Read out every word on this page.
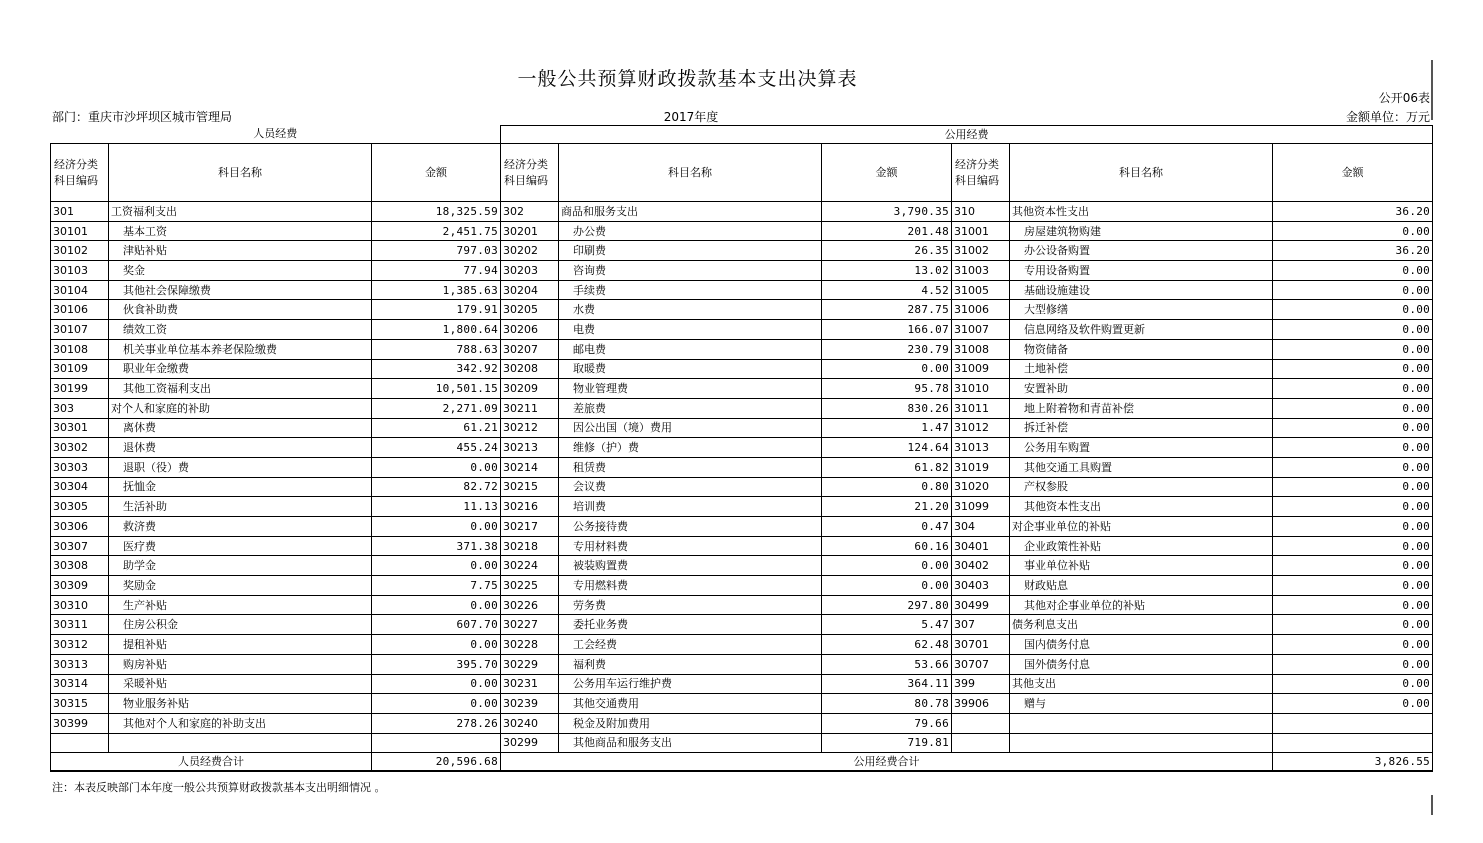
一般公共预算财政拨款基本支出决算表
公开06表
部门：重庆市沙坪坝区城市管理局	2017年度	金额单位：万元
人员经费			公用经费					
经济分类科目编码	科目名称	金额	经济分类科目编码	科目名称	金额	经济分类科目编码	科目名称	金额
301	工资福利支出	18,325.59	302	商品和服务支出	3,790.35	310	其他资本性支出	36.20
30101	基本工资	2,451.75	30201	办公费	201.48	31001	房屋建筑物购建	0.00
30102	津贴补贴	797.03	30202	印刷费	26.35	31002	办公设备购置	36.20
30103	奖金	77.94	30203	咨询费	13.02	31003	专用设备购置	0.00
30104	其他社会保障缴费	1,385.63	30204	手续费	4.52	31005	基础设施建设	0.00
30106	伙食补助费	179.91	30205	水费	287.75	31006	大型修缮	0.00
30107	绩效工资	1,800.64	30206	电费	166.07	31007	信息网络及软件购置更新	0.00
30108	机关事业单位基本养老保险缴费	788.63	30207	邮电费	230.79	31008	物资储备	0.00
30109	职业年金缴费	342.92	30208	取暖费	0.00	31009	土地补偿	0.00
30199	其他工资福利支出	10,501.15	30209	物业管理费	95.78	31010	安置补助	0.00
303	对个人和家庭的补助	2,271.09	30211	差旅费	830.26	31011	地上附着物和青苗补偿	0.00
30301	离休费	61.21	30212	因公出国（境）费用	1.47	31012	拆迁补偿	0.00
30302	退休费	455.24	30213	维修（护）费	124.64	31013	公务用车购置	0.00
30303	退职（役）费	0.00	30214	租赁费	61.82	31019	其他交通工具购置	0.00
30304	抚恤金	82.72	30215	会议费	0.80	31020	产权参股	0.00
30305	生活补助	11.13	30216	培训费	21.20	31099	其他资本性支出	0.00
30306	救济费	0.00	30217	公务接待费	0.47	304	对企事业单位的补贴	0.00
30307	医疗费	371.38	30218	专用材料费	60.16	30401	企业政策性补贴	0.00
30308	助学金	0.00	30224	被装购置费	0.00	30402	事业单位补贴	0.00
30309	奖励金	7.75	30225	专用燃料费	0.00	30403	财政贴息	0.00
30310	生产补贴	0.00	30226	劳务费	297.80	30499	其他对企事业单位的补贴	0.00
30311	住房公积金	607.70	30227	委托业务费	5.47	307	债务利息支出	0.00
30312	提租补贴	0.00	30228	工会经费	62.48	30701	国内债务付息	0.00
30313	购房补贴	395.70	30229	福利费	53.66	30707	国外债务付息	0.00
30314	采暖补贴	0.00	30231	公务用车运行维护费	364.11	399	其他支出	0.00
30315	物业服务补贴	0.00	30239	其他交通费用	80.78	39906	赠与	0.00
30399	其他对个人和家庭的补助支出	278.26	30240	税金及附加费用	79.66			
			30299	其他商品和服务支出	719.81			
人员经费合计		20,596.68	公用经费合计					3,826.55
注：本表反映部门本年度一般公共预算财政拨款基本支出明细情况 。
